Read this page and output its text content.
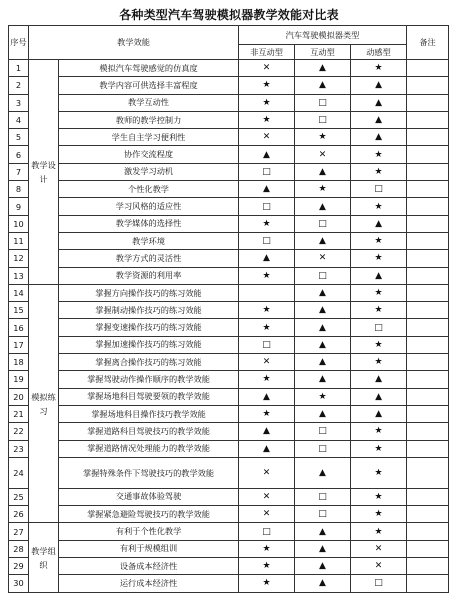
各种类型汽车驾驶模拟器教学效能对比表
序号	教学效能		汽车驾驶模拟器类型			备注
			非互动型	互动型	动感型	
1	教学设计	模拟汽车驾驶感觉的仿真度	✕	▲	★	
2		教学内容可供选择丰富程度	★	▲	▲	
3		教学互动性	★	□	▲	
4		教师的教学控制力	★	□	▲	
5		学生自主学习便利性	✕	★	▲	
6		协作交流程度	▲	✕	★	
7		激发学习动机	□	▲	★	
8		个性化教学	▲	★	□	
9		学习风格的适应性	□	▲	★	
10		教学媒体的选择性	★	□	▲	
11		教学环境	□	▲	★	
12		教学方式的灵活性	▲	✕	★	
13		教学资源的利用率	★	□	▲	
14	模拟练习	掌握方向操作技巧的练习效能		▲	★	
15		掌握制动操作技巧的练习效能	★	▲	★	
16		掌握变速操作技巧的练习效能	★	▲	□	
17		掌握加速操作技巧的练习效能	□	▲	★	
18		掌握离合操作技巧的练习效能	✕	▲	★	
19		掌握驾驶动作操作顺序的教学效能	★	▲	▲	
20		掌握场地科目驾驶要领的教学效能	▲	★	▲	
21		掌握场地科目操作技巧教学效能	★	▲	▲	
22		掌握道路科目驾驶技巧的教学效能	▲	□	★	
23		掌握道路情况处理能力的教学效能	▲	□	★	
24		掌握特殊条件下驾驶技巧的教学效能	✕	▲	★	
25		交通事故体验驾驶	✕	□	★	
26		掌握紧急避险驾驶技巧的教学效能	✕	□	★	
27	教学组织	有利于个性化教学	□	▲	★	
28		有利于规模组训	★	▲	✕	
29		设备成本经济性	★	▲	✕	
30		运行成本经济性	★	▲	□	
